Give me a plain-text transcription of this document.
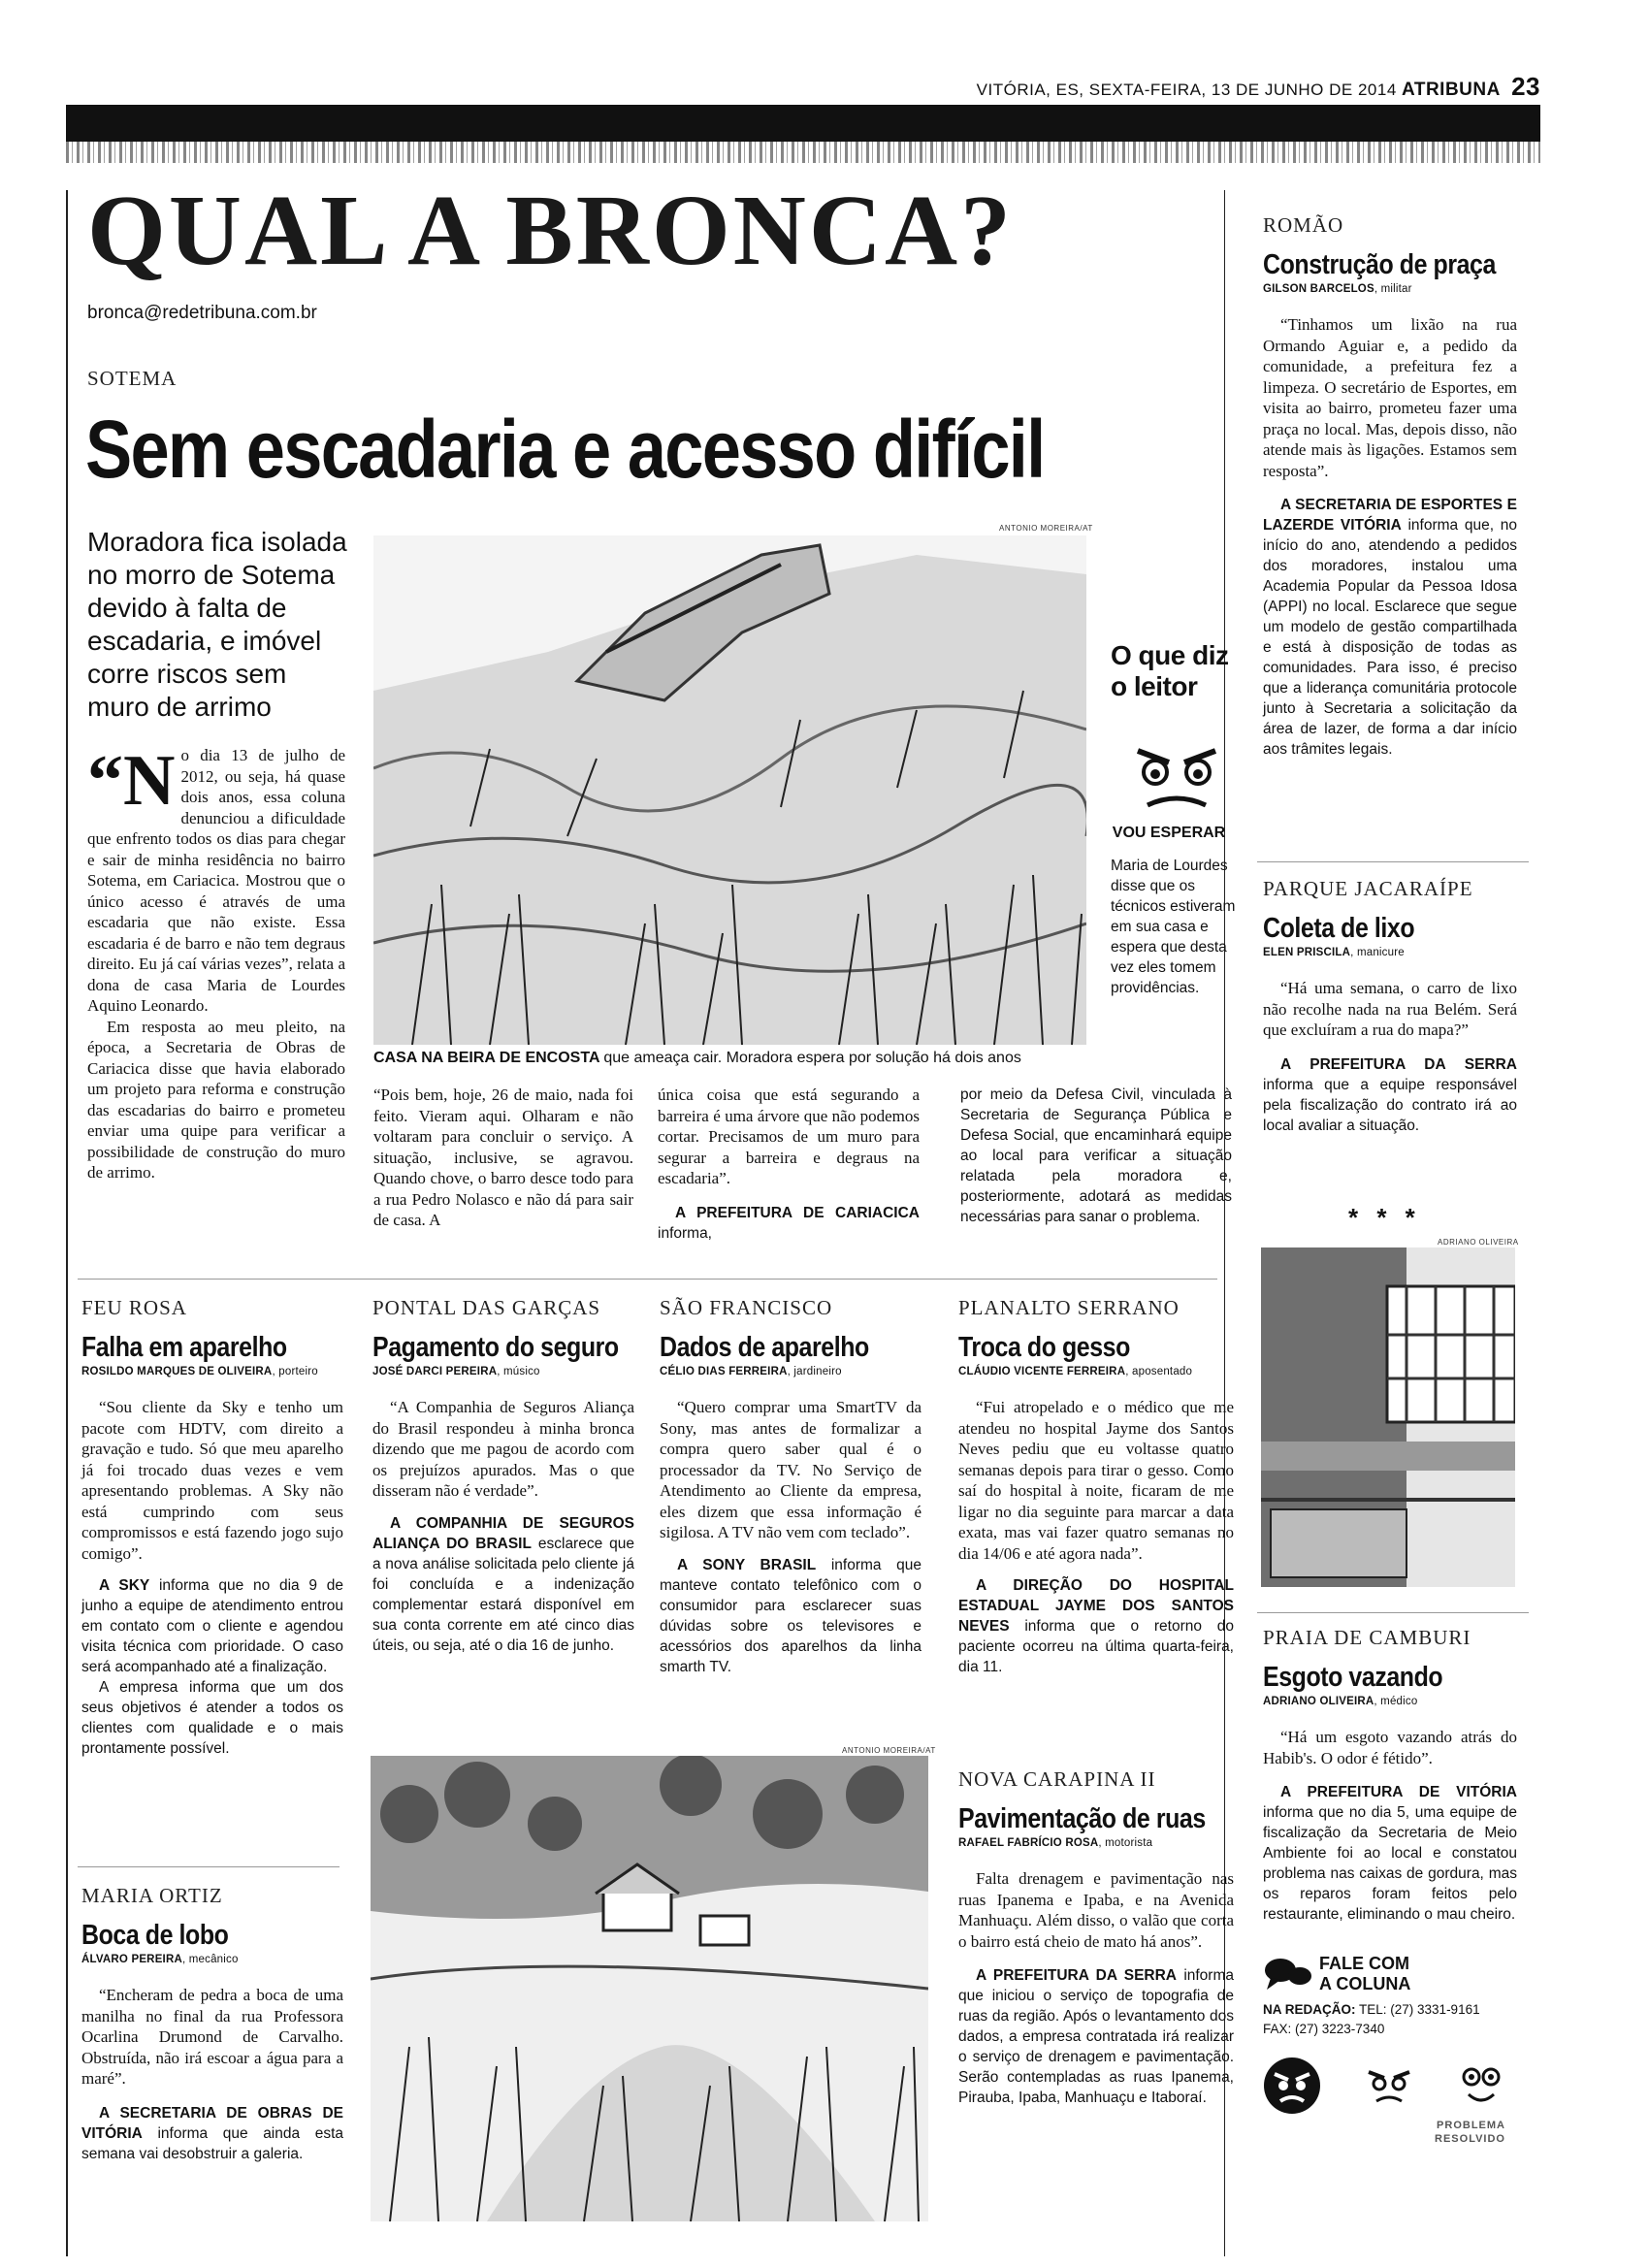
VITÓRIA, ES, SEXTA-FEIRA, 13 DE JUNHO DE 2014 ATRIBUNA 23
QUAL A BRONCA?
bronca@redetribuna.com.br
SOTEMA
Sem escadaria e acesso difícil
Moradora fica isolada no morro de Sotema devido à falta de escadaria, e imóvel corre riscos sem muro de arrimo
ANTONIO MOREIRA/AT
CASA NA BEIRA DE ENCOSTA que ameaça cair. Moradora espera por solução há dois anos
“N o dia 13 de julho de 2012, ou seja, há quase dois anos, essa coluna denunciou a dificuldade que enfrento todos os dias para chegar e sair de minha residência no bairro Sotema, em Cariacica. Mostrou que o único acesso é através de uma escadaria que não existe. Essa escadaria é de barro e não tem degraus direito. Eu já caí várias vezes”, relata a dona de casa Maria de Lourdes Aquino Leonardo.
Em resposta ao meu pleito, na época, a Secretaria de Obras de Cariacica disse que havia elaborado um projeto para reforma e construção das escadarias do bairro e prometeu enviar uma quipe para verificar a possibilidade de construção do muro de arrimo.
“Pois bem, hoje, 26 de maio, nada foi feito. Vieram aqui. Olharam e não voltaram para concluir o serviço. A situação, inclusive, se agravou. Quando chove, o barro desce todo para a rua Pedro Nolasco e não dá para sair de casa. A
única coisa que está segurando a barreira é uma árvore que não podemos cortar. Precisamos de um muro para segurar a barreira e degraus na escadaria”.
A PREFEITURA DE CARIACICA informa,
por meio da Defesa Civil, vinculada à Secretaria de Segurança Pública e Defesa Social, que encaminhará equipe ao local para verificar a situação relatada pela moradora e, posteriormente, adotará as medidas necessárias para sanar o problema.
O que diz o leitor
VOU ESPERAR
Maria de Lourdes disse que os técnicos estiveram em sua casa e espera que desta vez eles tomem providências.
FEU ROSA
Falha em aparelho
ROSILDO MARQUES DE OLIVEIRA, porteiro
“Sou cliente da Sky e tenho um pacote com HDTV, com direito a gravação e tudo. Só que meu aparelho já foi trocado duas vezes e vem apresentando problemas. A Sky não está cumprindo com seus compromissos e está fazendo jogo sujo comigo”.
A SKY informa que no dia 9 de junho a equipe de atendimento entrou em contato com o cliente e agendou visita técnica com prioridade. O caso será acompanhado até a finalização.
A empresa informa que um dos seus objetivos é atender a todos os clientes com qualidade e o mais prontamente possível.
PONTAL DAS GARÇAS
Pagamento do seguro
JOSÉ DARCI PEREIRA, músico
“A Companhia de Seguros Aliança do Brasil respondeu à minha bronca dizendo que me pagou de acordo com os prejuízos apurados. Mas o que disseram não é verdade”.
A COMPANHIA DE SEGUROS ALIANÇA DO BRASIL esclarece que a nova análise solicitada pelo cliente já foi concluída e a indenização complementar estará disponível em sua conta corrente em até cinco dias úteis, ou seja, até o dia 16 de junho.
SÃO FRANCISCO
Dados de aparelho
CÉLIO DIAS FERREIRA, jardineiro
“Quero comprar uma SmartTV da Sony, mas antes de formalizar a compra quero saber qual é o processador da TV. No Serviço de Atendimento ao Cliente da empresa, eles dizem que essa informação é sigilosa. A TV não vem com teclado”.
A SONY BRASIL informa que manteve contato telefônico com o consumidor para esclarecer suas dúvidas sobre os televisores e acessórios dos aparelhos da linha smarth TV.
PLANALTO SERRANO
Troca do gesso
CLÁUDIO VICENTE FERREIRA, aposentado
“Fui atropelado e o médico que me atendeu no hospital Jayme dos Santos Neves pediu que eu voltasse quatro semanas depois para tirar o gesso. Como saí do hospital à noite, ficaram de me ligar no dia seguinte para marcar a data exata, mas vai fazer quatro semanas no dia 14/06 e até agora nada”.
A DIREÇÃO DO HOSPITAL ESTADUAL JAYME DOS SANTOS NEVES informa que o retorno do paciente ocorreu na última quarta-feira, dia 11.
MARIA ORTIZ
Boca de lobo
ÁLVARO PEREIRA, mecânico
“Encheram de pedra a boca de uma manilha no final da rua Professora Ocarlina Drumond de Carvalho. Obstruída, não irá escoar a água para a maré”.
A SECRETARIA DE OBRAS DE VITÓRIA informa que ainda esta semana vai desobstruir a galeria.
ANTONIO MOREIRA/AT
NOVA CARAPINA II
Pavimentação de ruas
RAFAEL FABRÍCIO ROSA, motorista
Falta drenagem e pavimentação nas ruas Ipanema e Ipaba, e na Avenida Manhuaçu. Além disso, o valão que corta o bairro está cheio de mato há anos”.
A PREFEITURA DA SERRA informa que iniciou o serviço de topografia de ruas da região. Após o levantamento dos dados, a empresa contratada irá realizar o serviço de drenagem e pavimentação. Serão contempladas as ruas Ipanema, Pirauba, Ipaba, Manhuaçu e Itaboraí.
ROMÃO
Construção de praça
GILSON BARCELOS, militar
“Tinhamos um lixão na rua Ormando Aguiar e, a pedido da comunidade, a prefeitura fez a limpeza. O secretário de Esportes, em visita ao bairro, prometeu fazer uma praça no local. Mas, depois disso, não atende mais às ligações. Estamos sem resposta”.
A SECRETARIA DE ESPORTES E LAZERDE VITÓRIA informa que, no início do ano, atendendo a pedidos dos moradores, instalou uma Academia Popular da Pessoa Idosa (APPI) no local. Esclarece que segue um modelo de gestão compartilhada e está à disposição de todas as comunidades. Para isso, é preciso que a liderança comunitária protocole junto à Secretaria a solicitação da área de lazer, de forma a dar início aos trâmites legais.
PARQUE JACARAÍPE
Coleta de lixo
ELEN PRISCILA, manicure
“Há uma semana, o carro de lixo não recolhe nada na rua Belém. Será que excluíram a rua do mapa?”
A PREFEITURA DA SERRA informa que a equipe responsável pela fiscalização do contrato irá ao local avaliar a situação.
* * *
ADRIANO OLIVEIRA
PRAIA DE CAMBURI
Esgoto vazando
ADRIANO OLIVEIRA, médico
“Há um esgoto vazando atrás do Habib's. O odor é fétido”.
A PREFEITURA DE VITÓRIA informa que no dia 5, uma equipe de fiscalização da Secretaria de Meio Ambiente foi ao local e constatou problema nas caixas de gordura, mas os reparos foram feitos pelo restaurante, eliminando o mau cheiro.
FALE COM
A COLUNA
NA REDAÇÃO: TEL: (27) 3331-9161
FAX: (27) 3223-7340
PROBLEMA
RESOLVIDO
